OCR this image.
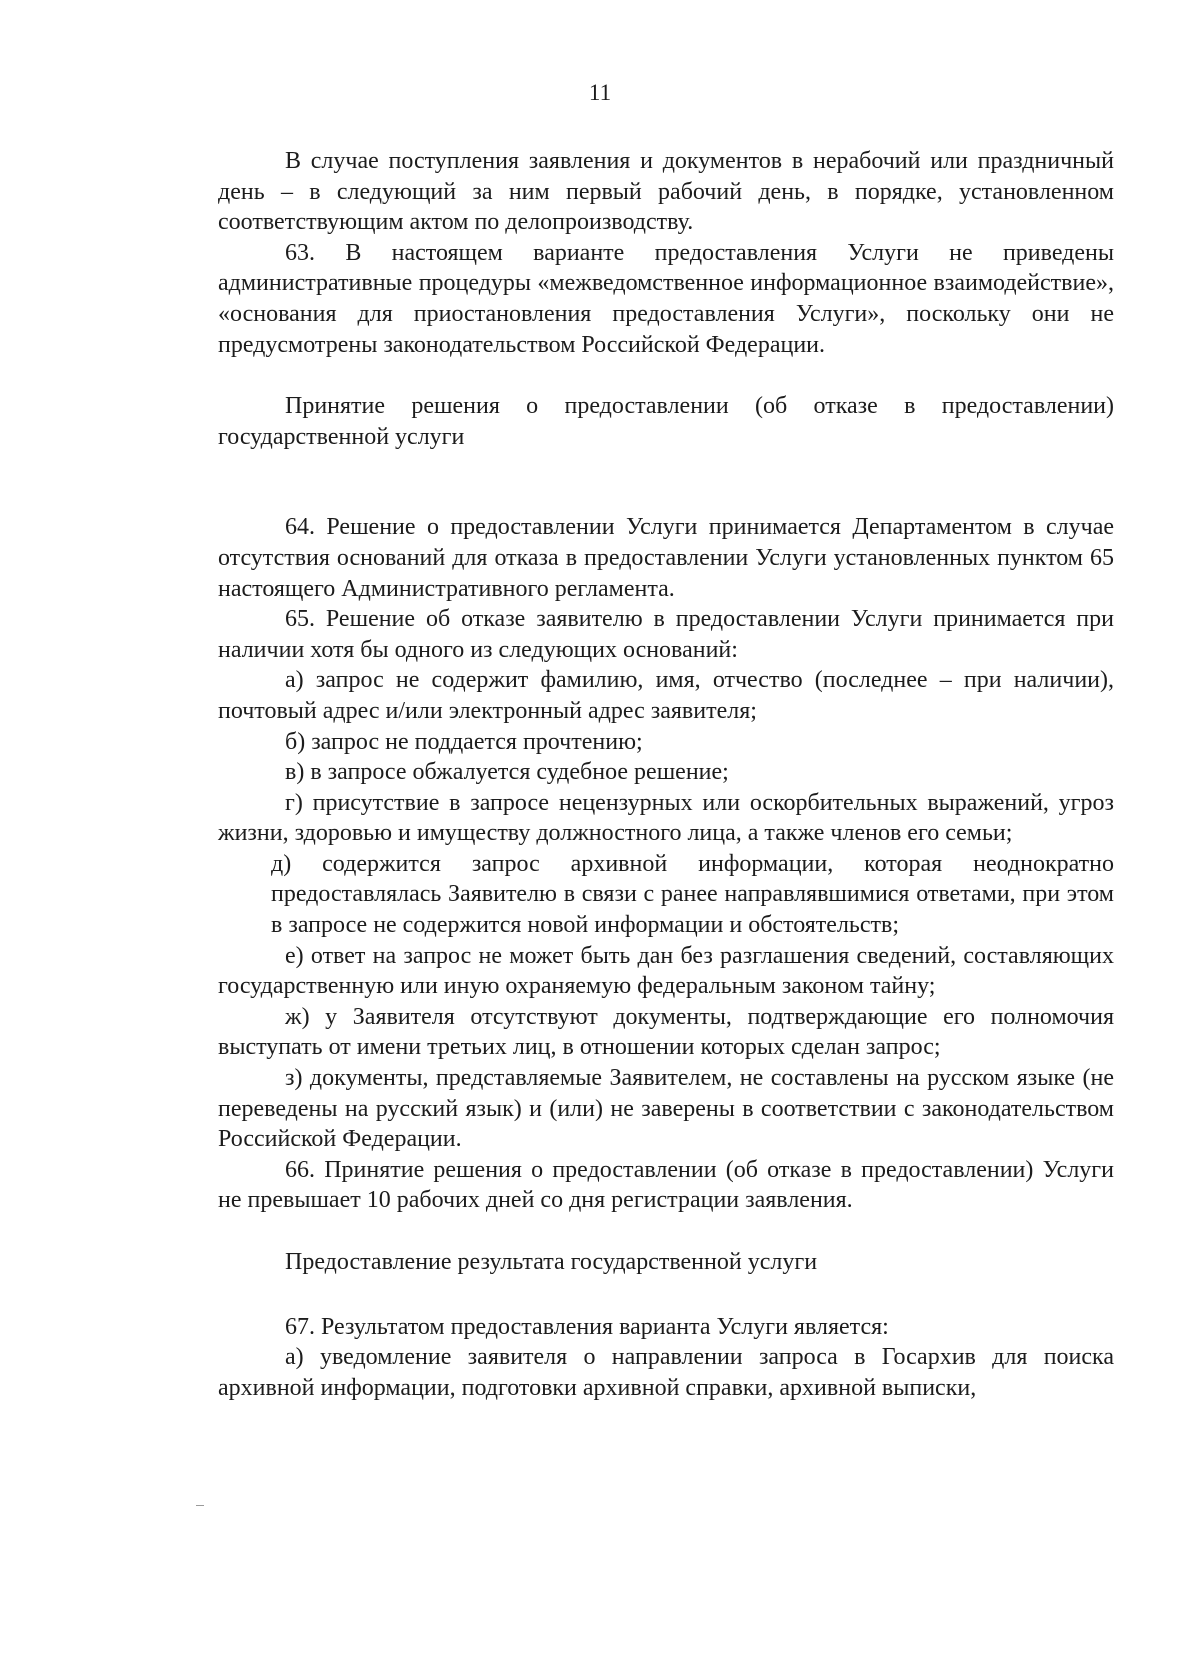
11

В случае поступления заявления и документов в нерабочий или праздничный день – в следующий за ним первый рабочий день, в порядке, установленном соответствующим актом по делопроизводству.

63. В настоящем варианте предоставления Услуги не приведены административные процедуры «межведомственное информационное взаимодействие», «основания для приостановления предоставления Услуги», поскольку они не предусмотрены законодательством Российской Федерации.

Принятие решения о предоставлении (об отказе в предоставлении) государственной услуги

64. Решение о предоставлении Услуги принимается Департаментом в случае отсутствия оснований для отказа в предоставлении Услуги установленных пунктом 65 настоящего Административного регламента.

65. Решение об отказе заявителю в предоставлении Услуги принимается при наличии хотя бы одного из следующих оснований:

а) запрос не содержит фамилию, имя, отчество (последнее – при наличии), почтовый адрес и/или электронный адрес заявителя;

б) запрос не поддается прочтению;

в) в запросе обжалуется судебное решение;

г) присутствие в запросе нецензурных или оскорбительных выражений, угроз жизни, здоровью и имуществу должностного лица, а также членов его семьи;

д) содержится запрос архивной информации, которая неоднократно предоставлялась Заявителю в связи с ранее направлявшимися ответами, при этом в запросе не содержится новой информации и обстоятельств;

е) ответ на запрос не может быть дан без разглашения сведений, составляющих государственную или иную охраняемую федеральным законом тайну;

ж) у Заявителя отсутствуют документы, подтверждающие его полномочия выступать от имени третьих лиц, в отношении которых сделан запрос;

з) документы, представляемые Заявителем, не составлены на русском языке (не переведены на русский язык) и (или) не заверены в соответствии с законодательством Российской Федерации.

66. Принятие решения о предоставлении (об отказе в предоставлении) Услуги не превышает 10 рабочих дней со дня регистрации заявления.

Предоставление результата государственной услуги

67. Результатом предоставления варианта Услуги является:

а) уведомление заявителя о направлении запроса в Госархив для поиска архивной информации, подготовки архивной справки, архивной выписки,
